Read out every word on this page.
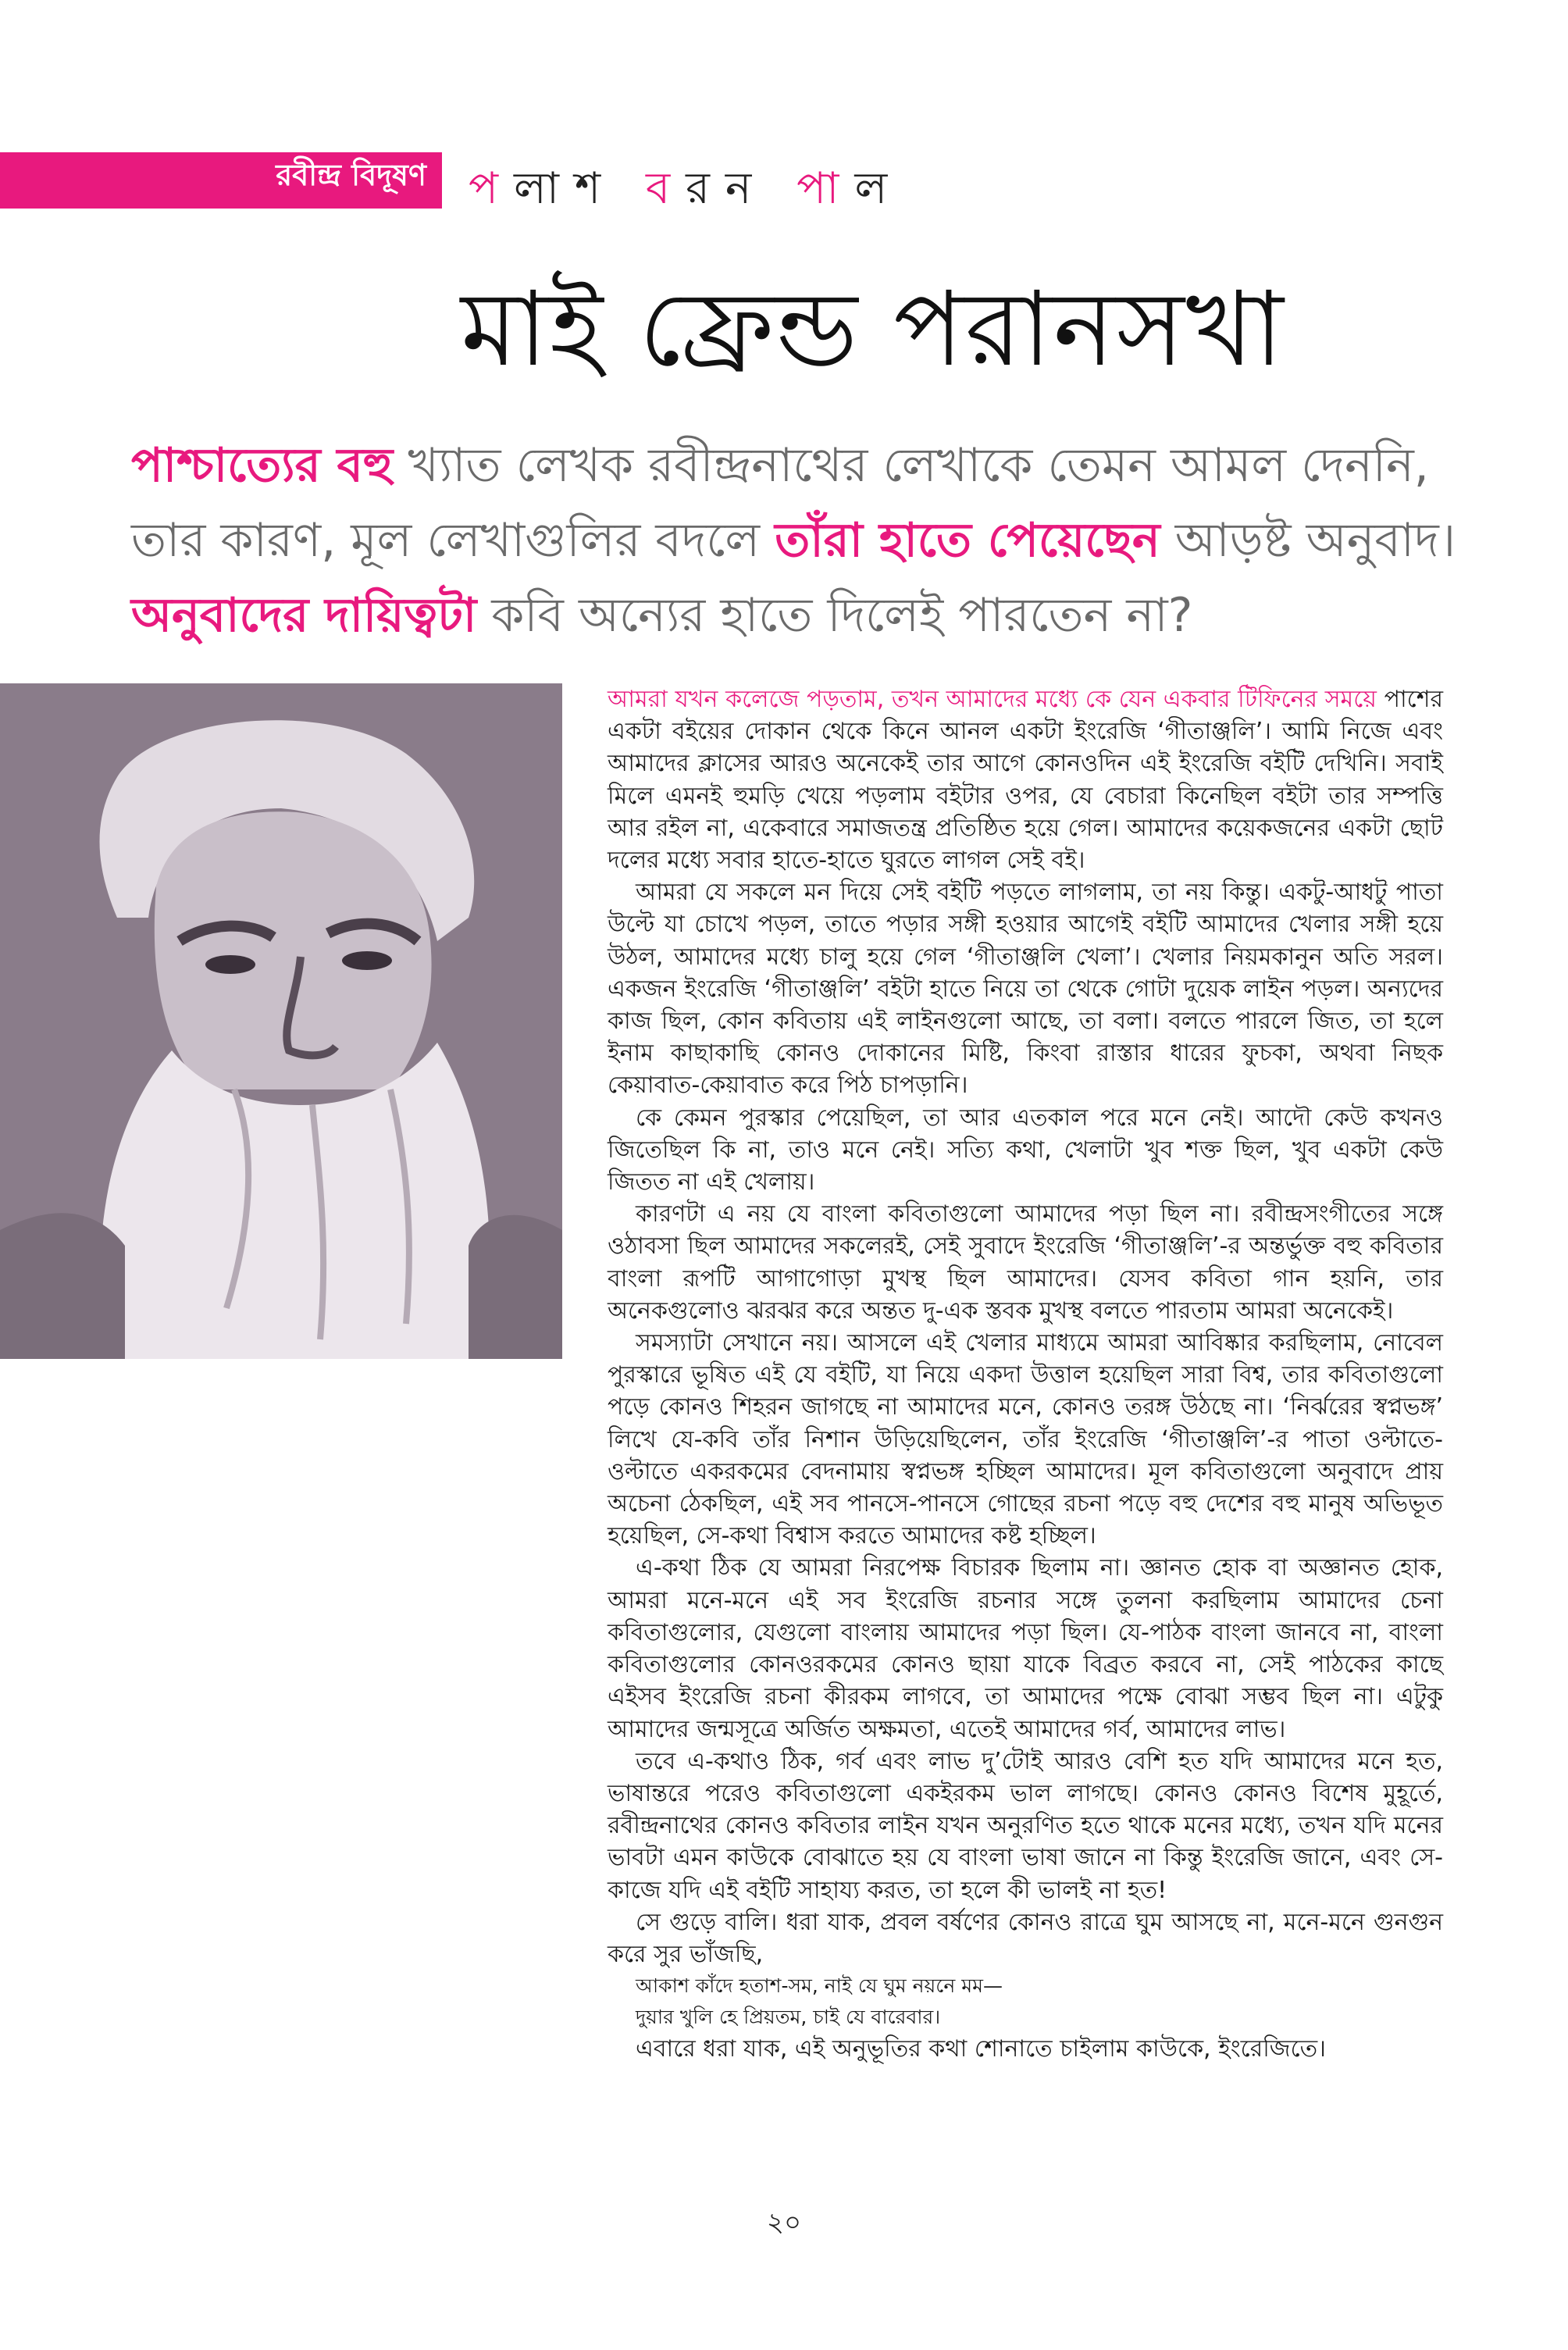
রবীন্দ্র বিদূষণ পলাশ বরন পাল
মাই ফ্রেন্ড পরানসখা
পাশ্চাত্যের বহু খ্যাত লেখক রবীন্দ্রনাথের লেখাকে তেমন আমল দেননি, তার কারণ, মূল লেখাগুলির বদলে তাঁরা হাতে পেয়েছেন আড়ষ্ট অনুবাদ। অনুবাদের দায়িত্বটা কবি অন্যের হাতে দিলেই পারতেন না?

আমরা যখন কলেজে পড়তাম, তখন আমাদের মধ্যে কে যেন একবার টিফিনের সময়ে পাশের একটা বইয়ের দোকান থেকে কিনে আনল একটা ইংরেজি ‘গীতাঞ্জলি’। আমি নিজে এবং আমাদের ক্লাসের আরও অনেকেই তার আগে কোনওদিন এই ইংরেজি বইটি দেখিনি। সবাই মিলে এমনই হুমড়ি খেয়ে পড়লাম বইটার ওপর, যে বেচারা কিনেছিল বইটা তার সম্পত্তি আর রইল না, একেবারে সমাজতন্ত্র প্রতিষ্ঠিত হয়ে গেল। আমাদের কয়েকজনের একটা ছোট দলের মধ্যে সবার হাতে-হাতে ঘুরতে লাগল সেই বই।

আমরা যে সকলে মন দিয়ে সেই বইটি পড়তে লাগলাম, তা নয় কিন্তু। একটু-আধটু পাতা উল্টে যা চোখে পড়ল, তাতে পড়ার সঙ্গী হওয়ার আগেই বইটি আমাদের খেলার সঙ্গী হয়ে উঠল, আমাদের মধ্যে চালু হয়ে গেল ‘গীতাঞ্জলি খেলা’। খেলার নিয়মকানুন অতি সরল। একজন ইংরেজি ‘গীতাঞ্জলি’ বইটা হাতে নিয়ে তা থেকে গোটা দুয়েক লাইন পড়ল। অন্যদের কাজ ছিল, কোন কবিতায় এই লাইনগুলো আছে, তা বলা। বলতে পারলে জিত, তা হলে ইনাম কাছাকাছি কোনও দোকানের মিষ্টি, কিংবা রাস্তার ধারের ফুচকা, অথবা নিছক কেয়াবাত-কেয়াবাত করে পিঠ চাপড়ানি।

কে কেমন পুরস্কার পেয়েছিল, তা আর এতকাল পরে মনে নেই। আদৌ কেউ কখনও জিতেছিল কি না, তাও মনে নেই। সত্যি কথা, খেলাটা খুব শক্ত ছিল, খুব একটা কেউ জিতত না এই খেলায়।

কারণটা এ নয় যে বাংলা কবিতাগুলো আমাদের পড়া ছিল না। রবীন্দ্রসংগীতের সঙ্গে ওঠাবসা ছিল আমাদের সকলেরই, সেই সুবাদে ইংরেজি ‘গীতাঞ্জলি’-র অন্তর্ভুক্ত বহু কবিতার বাংলা রূপটি আগাগোড়া মুখস্থ ছিল আমাদের। যেসব কবিতা গান হয়নি, তার অনেকগুলোও ঝরঝর করে অন্তত দু-এক স্তবক মুখস্থ বলতে পারতাম আমরা অনেকেই।

সমস্যাটা সেখানে নয়। আসলে এই খেলার মাধ্যমে আমরা আবিষ্কার করছিলাম, নোবেল পুরস্কারে ভূষিত এই যে বইটি, যা নিয়ে একদা উত্তাল হয়েছিল সারা বিশ্ব, তার কবিতাগুলো পড়ে কোনও শিহরন জাগছে না আমাদের মনে, কোনও তরঙ্গ উঠছে না। ‘নির্ঝরের স্বপ্নভঙ্গ’ লিখে যে-কবি তাঁর নিশান উড়িয়েছিলেন, তাঁর ইংরেজি ‘গীতাঞ্জলি’-র পাতা ওল্টাতে-ওল্টাতে একরকমের বেদনামায় স্বপ্নভঙ্গ হচ্ছিল আমাদের। মূল কবিতাগুলো অনুবাদে প্রায় অচেনা ঠেকছিল, এই সব পানসে-পানসে গোছের রচনা পড়ে বহু দেশের বহু মানুষ অভিভূত হয়েছিল, সে-কথা বিশ্বাস করতে আমাদের কষ্ট হচ্ছিল।

এ-কথা ঠিক যে আমরা নিরপেক্ষ বিচারক ছিলাম না। জ্ঞানত হোক বা অজ্ঞানত হোক, আমরা মনে-মনে এই সব ইংরেজি রচনার সঙ্গে তুলনা করছিলাম আমাদের চেনা কবিতাগুলোর, যেগুলো বাংলায় আমাদের পড়া ছিল। যে-পাঠক বাংলা জানবে না, বাংলা কবিতাগুলোর কোনওরকমের কোনও ছায়া যাকে বিব্রত করবে না, সেই পাঠকের কাছে এইসব ইংরেজি রচনা কীরকম লাগবে, তা আমাদের পক্ষে বোঝা সম্ভব ছিল না। এটুকু আমাদের জন্মসূত্রে অর্জিত অক্ষমতা, এতেই আমাদের গর্ব, আমাদের লাভ।

তবে এ-কথাও ঠিক, গর্ব এবং লাভ দু’টোই আরও বেশি হত যদি আমাদের মনে হত, ভাষান্তরে পরেও কবিতাগুলো একইরকম ভাল লাগছে। কোনও কোনও বিশেষ মুহূর্তে, রবীন্দ্রনাথের কোনও কবিতার লাইন যখন অনুরণিত হতে থাকে মনের মধ্যে, তখন যদি মনের ভাবটা এমন কাউকে বোঝাতে হয় যে বাংলা ভাষা জানে না কিন্তু ইংরেজি জানে, এবং সে-কাজে যদি এই বইটি সাহায্য করত, তা হলে কী ভালই না হত!

সে গুড়ে বালি। ধরা যাক, প্রবল বর্ষণের কোনও রাত্রে ঘুম আসছে না, মনে-মনে গুনগুন করে সুর ভাঁজছি,

আকাশ কাঁদে হতাশ-সম, নাই যে ঘুম নয়নে মম—

দুয়ার খুলি হে প্রিয়তম, চাই যে বারেবার।

এবারে ধরা যাক, এই অনুভূতির কথা শোনাতে চাইলাম কাউকে, ইংরেজিতে।

২০
